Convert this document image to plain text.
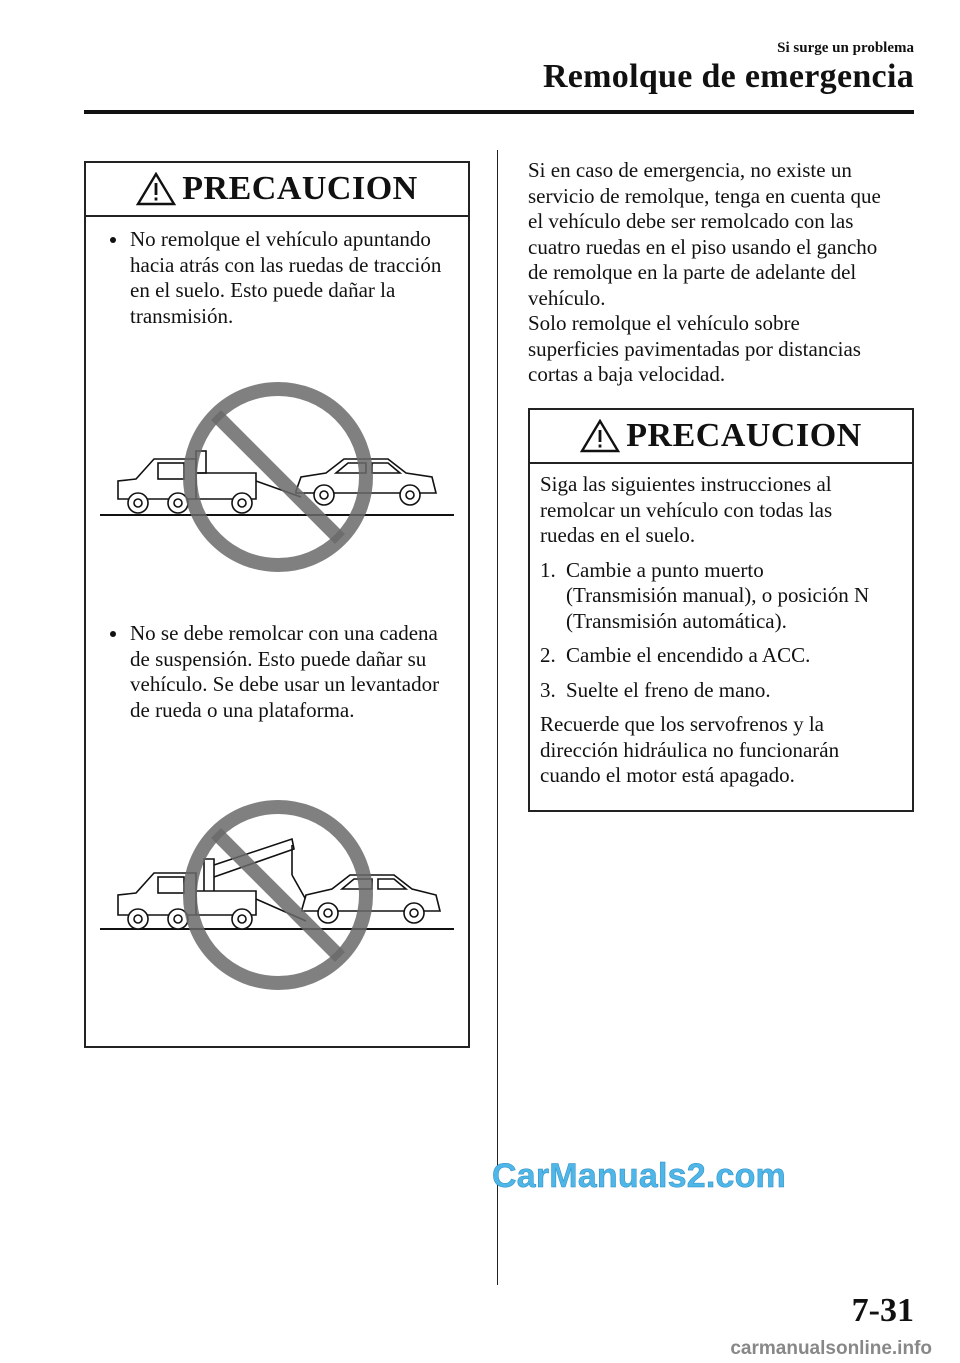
Si surge un problema
Remolque de emergencia
PRECAUCION
No remolque el vehículo apuntando
hacia atrás con las ruedas de tracción
en el suelo. Esto puede dañar la
transmisión.
No se debe remolcar con una cadena
de suspensión. Esto puede dañar su
vehículo. Se debe usar un levantador
de rueda o una plataforma.
Si en caso de emergencia, no existe un
servicio de remolque, tenga en cuenta que
el vehículo debe ser remolcado con las
cuatro ruedas en el piso usando el gancho
de remolque en la parte de adelante del
vehículo.
Solo remolque el vehículo sobre
superficies pavimentadas por distancias
cortas a baja velocidad.
PRECAUCION
Siga las siguientes instrucciones al
remolcar un vehículo con todas las
ruedas en el suelo.
1. Cambie a punto muerto
(Transmisión manual), o posición N
(Transmisión automática).
2. Cambie el encendido a ACC.
3. Suelte el freno de mano.
Recuerde que los servofrenos y la
dirección hidráulica no funcionarán
cuando el motor está apagado.
CarManuals2.com
7-31
carmanualsonline.info
